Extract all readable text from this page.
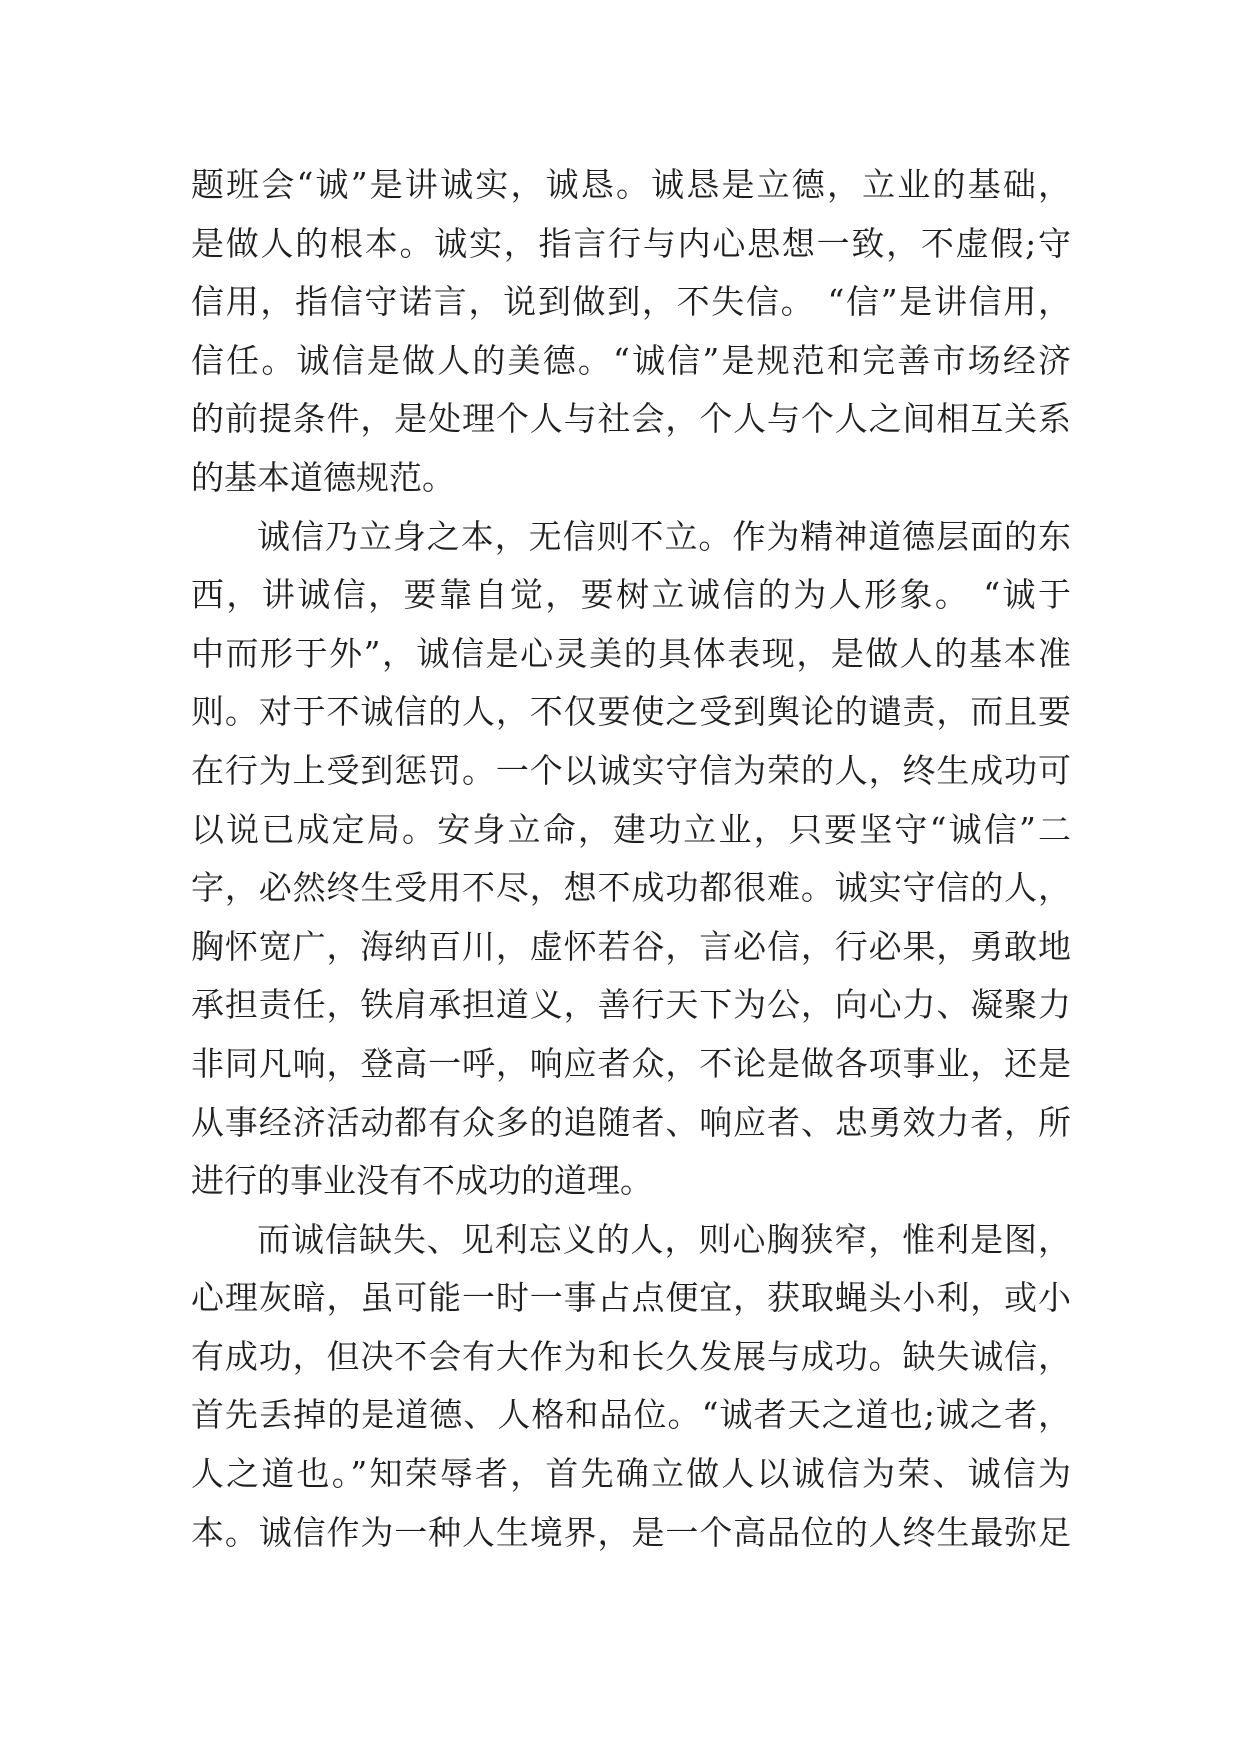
题班会“诚”是讲诚实，诚恳。诚恳是立德，立业的基础，
是做人的根本。诚实，指言行与内心思想一致，不虚假;守
信用，指信守诺言，说到做到，不失信。 “信”是讲信用，
信任。诚信是做人的美德。“诚信”是规范和完善市场经济
的前提条件，是处理个人与社会，个人与个人之间相互关系
的基本道德规范。
诚信乃立身之本，无信则不立。作为精神道德层面的东
西，讲诚信，要靠自觉，要树立诚信的为人形象。 “诚于
中而形于外”，诚信是心灵美的具体表现，是做人的基本准
则。对于不诚信的人，不仅要使之受到舆论的谴责，而且要
在行为上受到惩罚。一个以诚实守信为荣的人，终生成功可
以说已成定局。安身立命，建功立业，只要坚守“诚信”二
字，必然终生受用不尽，想不成功都很难。诚实守信的人，
胸怀宽广，海纳百川，虚怀若谷，言必信，行必果，勇敢地
承担责任，铁肩承担道义，善行天下为公，向心力、凝聚力
非同凡响，登高一呼，响应者众，不论是做各项事业，还是
从事经济活动都有众多的追随者、响应者、忠勇效力者，所
进行的事业没有不成功的道理。
而诚信缺失、见利忘义的人，则心胸狭窄，惟利是图，
心理灰暗，虽可能一时一事占点便宜，获取蝇头小利，或小
有成功，但决不会有大作为和长久发展与成功。缺失诚信，
首先丢掉的是道德、人格和品位。“诚者天之道也;诚之者，
人之道也。”知荣辱者，首先确立做人以诚信为荣、诚信为
本。诚信作为一种人生境界，是一个高品位的人终生最弥足
